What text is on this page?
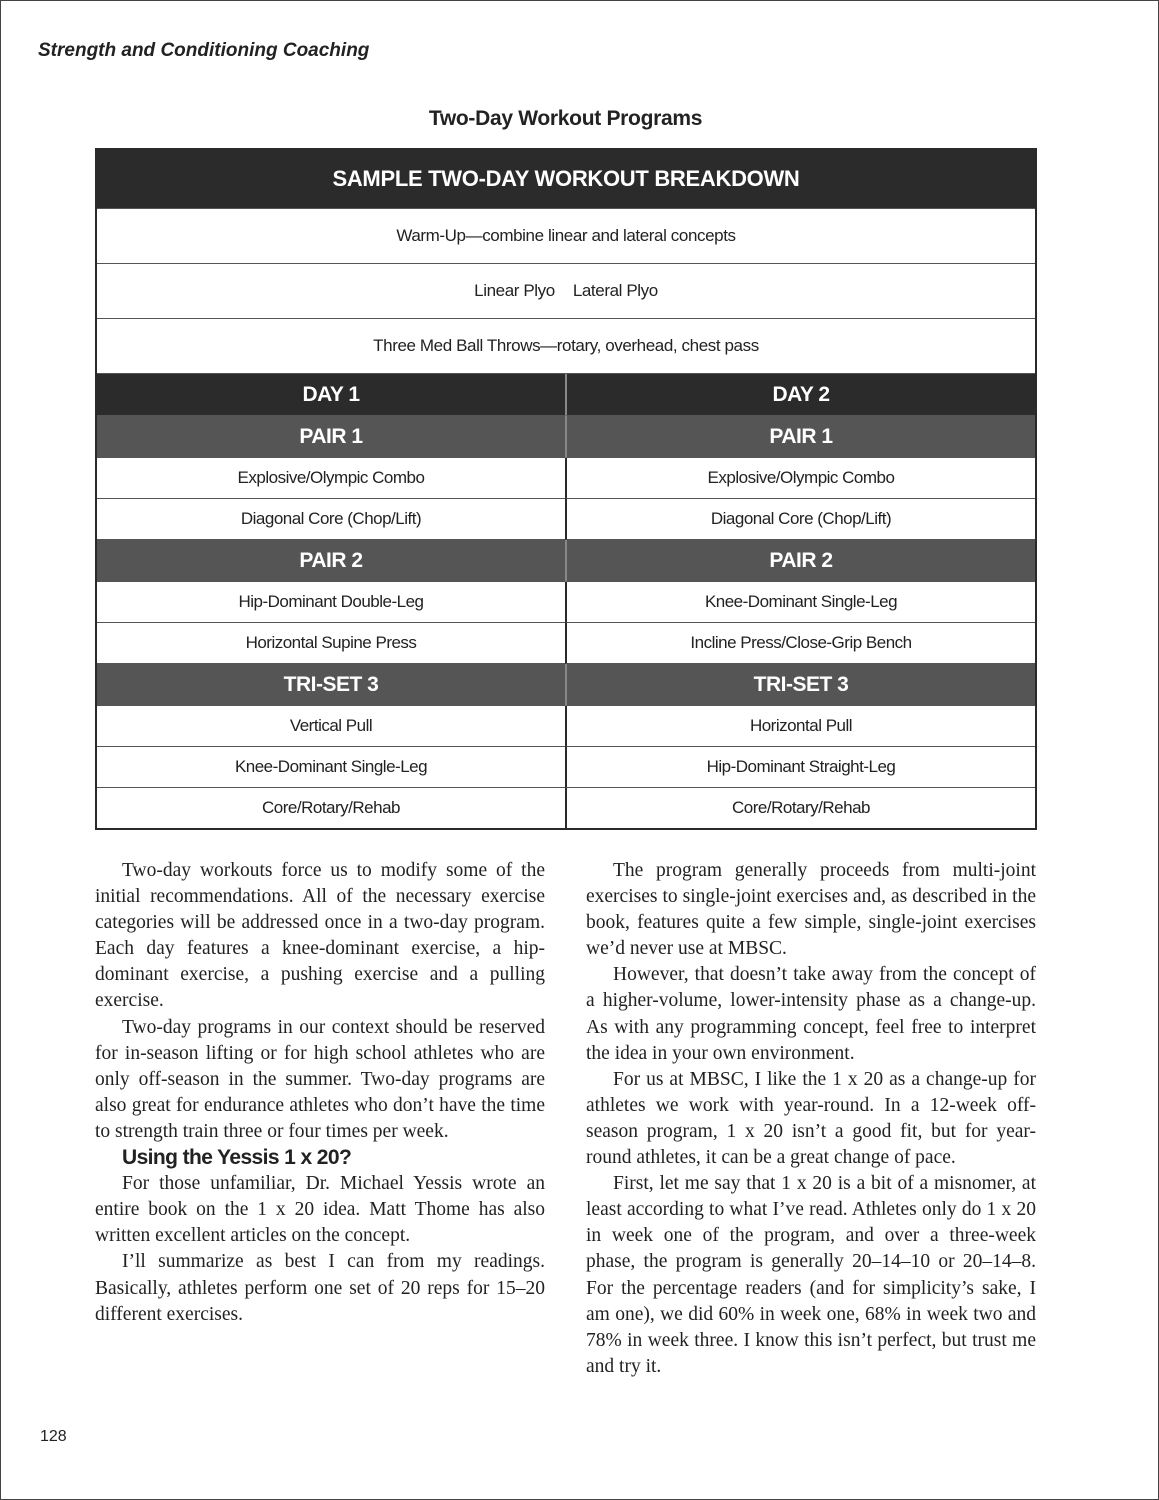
Strength and Conditioning Coaching
Two-Day Workout Programs
SAMPLE TWO-DAY WORKOUT BREAKDOWN
Warm-Up—combine linear and lateral concepts
Linear Plyo Lateral Plyo
Three Med Ball Throws—rotary, overhead, chest pass
DAY 1	DAY 2
PAIR 1	PAIR 1
Explosive/Olympic Combo	Explosive/Olympic Combo
Diagonal Core (Chop/Lift)	Diagonal Core (Chop/Lift)
PAIR 2	PAIR 2
Hip-Dominant Double-Leg	Knee-Dominant Single-Leg
Horizontal Supine Press	Incline Press/Close-Grip Bench
TRI-SET 3	TRI-SET 3
Vertical Pull	Horizontal Pull
Knee-Dominant Single-Leg	Hip-Dominant Straight-Leg
Core/Rotary/Rehab	Core/Rotary/Rehab

Two-day workouts force us to modify some of the initial recommendations. All of the necessary exercise categories will be addressed once in a two-day program. Each day features a knee-dominant exercise, a hip-dominant exercise, a pushing exercise and a pulling exercise.

Two-day programs in our context should be reserved for in-season lifting or for high school athletes who are only off-season in the summer. Two-day programs are also great for endurance athletes who don’t have the time to strength train three or four times per week.

Using the Yessis 1 x 20?

For those unfamiliar, Dr. Michael Yessis wrote an entire book on the 1 x 20 idea. Matt Thome has also written excellent articles on the concept.

I’ll summarize as best I can from my readings. Basically, athletes perform one set of 20 reps for 15–20 different exercises.

The program generally proceeds from multi-joint exercises to single-joint exercises and, as described in the book, features quite a few simple, single-joint exercises we’d never use at MBSC.

However, that doesn’t take away from the concept of a higher-volume, lower-intensity phase as a change-up. As with any programming concept, feel free to interpret the idea in your own environment.

For us at MBSC, I like the 1 x 20 as a change-up for athletes we work with year-round. In a 12-week off-season program, 1 x 20 isn’t a good fit, but for year-round athletes, it can be a great change of pace.

First, let me say that 1 x 20 is a bit of a misnomer, at least according to what I’ve read. Athletes only do 1 x 20 in week one of the program, and over a three-week phase, the program is generally 20–14–10 or 20–14–8. For the percentage readers (and for simplicity’s sake, I am one), we did 60% in week one, 68% in week two and 78% in week three. I know this isn’t perfect, but trust me and try it.

128
